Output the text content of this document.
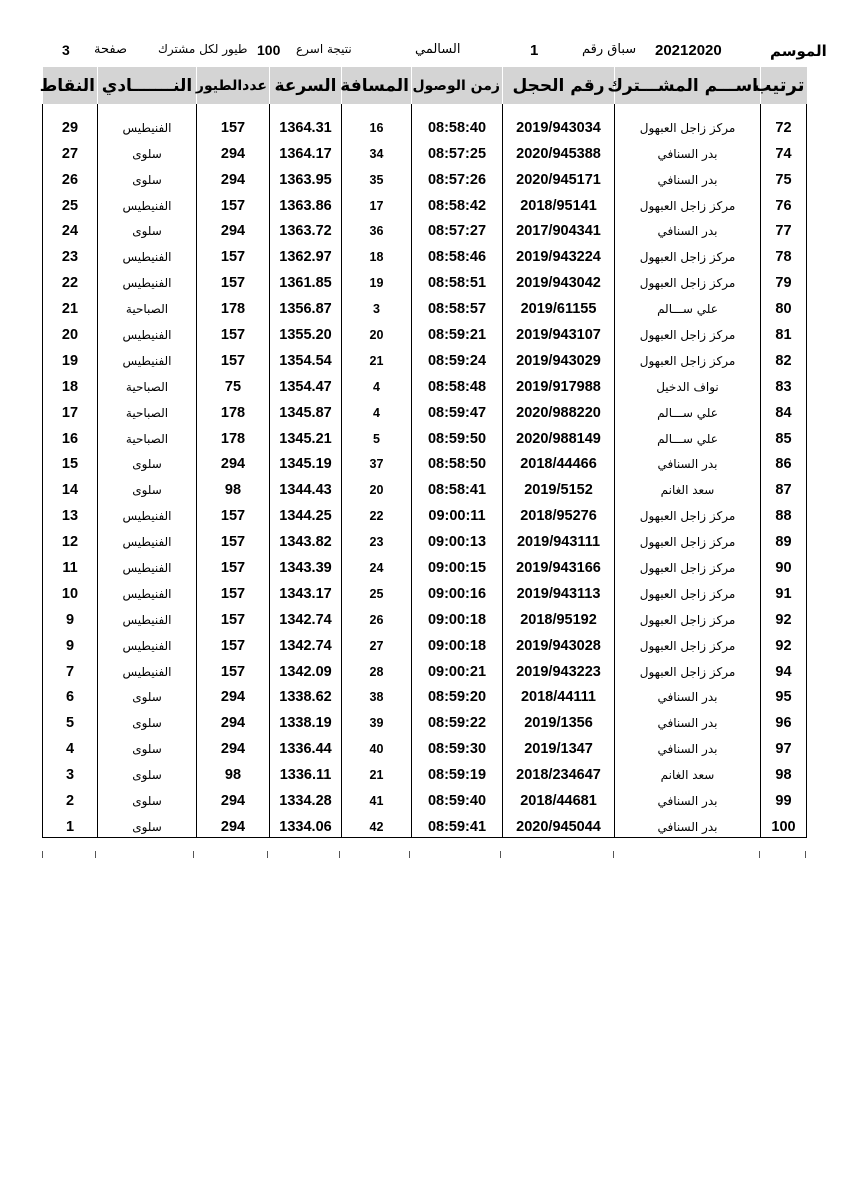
الموسم
20212020
سباق رقم
1
السالمي
نتيجة اسرع
100
طيور لكل مشترك
صفحة
3
ترتيب	اســـم المشـــترك	رقم الحجل	زمن الوصول	المسافة	السرعة	عددالطيور	النـــــــادي	النقاط

72	مركز زاجل العبهول	2019/943034	08:58:40	16	1364.31	157	الفنيطيس	29
74	بدر السنافي	2020/945388	08:57:25	34	1364.17	294	سلوى	27
75	بدر السنافي	2020/945171	08:57:26	35	1363.95	294	سلوى	26
76	مركز زاجل العبهول	2018/95141	08:58:42	17	1363.86	157	الفنيطيس	25
77	بدر السنافي	2017/904341	08:57:27	36	1363.72	294	سلوى	24
78	مركز زاجل العبهول	2019/943224	08:58:46	18	1362.97	157	الفنيطيس	23
79	مركز زاجل العبهول	2019/943042	08:58:51	19	1361.85	157	الفنيطيس	22
80	علي ســـالم	2019/61155	08:58:57	3	1356.87	178	الصباحية	21
81	مركز زاجل العبهول	2019/943107	08:59:21	20	1355.20	157	الفنيطيس	20
82	مركز زاجل العبهول	2019/943029	08:59:24	21	1354.54	157	الفنيطيس	19
83	نواف الدخيل	2019/917988	08:58:48	4	1354.47	75	الصباحية	18
84	علي ســـالم	2020/988220	08:59:47	4	1345.87	178	الصباحية	17
85	علي ســـالم	2020/988149	08:59:50	5	1345.21	178	الصباحية	16
86	بدر السنافي	2018/44466	08:58:50	37	1345.19	294	سلوى	15
87	سعد الغانم	2019/5152	08:58:41	20	1344.43	98	سلوى	14
88	مركز زاجل العبهول	2018/95276	09:00:11	22	1344.25	157	الفنيطيس	13
89	مركز زاجل العبهول	2019/943111	09:00:13	23	1343.82	157	الفنيطيس	12
90	مركز زاجل العبهول	2019/943166	09:00:15	24	1343.39	157	الفنيطيس	11
91	مركز زاجل العبهول	2019/943113	09:00:16	25	1343.17	157	الفنيطيس	10
92	مركز زاجل العبهول	2018/95192	09:00:18	26	1342.74	157	الفنيطيس	9
92	مركز زاجل العبهول	2019/943028	09:00:18	27	1342.74	157	الفنيطيس	9
94	مركز زاجل العبهول	2019/943223	09:00:21	28	1342.09	157	الفنيطيس	7
95	بدر السنافي	2018/44111	08:59:20	38	1338.62	294	سلوى	6
96	بدر السنافي	2019/1356	08:59:22	39	1338.19	294	سلوى	5
97	بدر السنافي	2019/1347	08:59:30	40	1336.44	294	سلوى	4
98	سعد الغانم	2018/234647	08:59:19	21	1336.11	98	سلوى	3
99	بدر السنافي	2018/44681	08:59:40	41	1334.28	294	سلوى	2
100	بدر السنافي	2020/945044	08:59:41	42	1334.06	294	سلوى	1
